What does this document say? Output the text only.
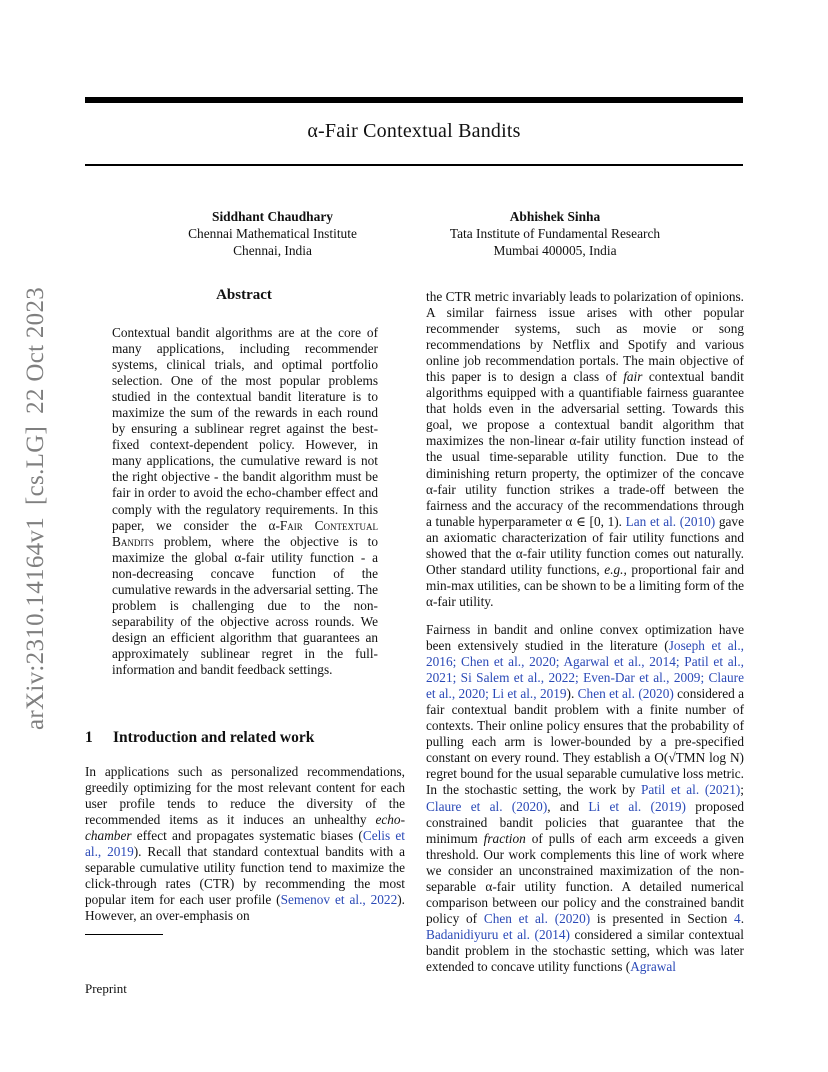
α-Fair Contextual Bandits
Siddhant Chaudhary
Chennai Mathematical Institute
Chennai, India
Abhishek Sinha
Tata Institute of Fundamental Research
Mumbai 400005, India
arXiv:2310.14164v1[cs.LG]22 Oct 2023	Abstract
Contextual bandit algorithms are at the core of many applications, including recommender systems, clinical trials, and optimal portfolio selection. One of the most popular problems studied in the contextual bandit literature is to maximize the sum of the rewards in each round by ensuring a sublinear regret against the best-fixed context-dependent policy. However, in many applications, the cumulative reward is not the right objective - the bandit algorithm must be fair in order to avoid the echo-chamber effect and comply with the regulatory requirements. In this paper, we consider the α-Fair Contextual Bandits problem, where the objective is to maximize the global α-fair utility function - a non-decreasing concave function of the cumulative rewards in the adversarial setting. The problem is challenging due to the non-separability of the objective across rounds. We design an efficient algorithm that guarantees an approximately sublinear regret in the full-information and bandit feedback settings.
1 Introduction and related work
In applications such as personalized recommendations, greedily optimizing for the most relevant content for each user profile tends to reduce the diversity of the recommended items as it induces an unhealthy echo-chamber effect and propagates systematic biases (Celis et al., 2019). Recall that standard contextual bandits with a separable cumulative utility function tend to maximize the click-through rates (CTR) by recommending the most popular item for each user profile (Semenov et al., 2022). However, an over-emphasis on
Preprint
the CTR metric invariably leads to polarization of opinions. A similar fairness issue arises with other popular recommender systems, such as movie or song recommendations by Netflix and Spotify and various online job recommendation portals. The main objective of this paper is to design a class of fair contextual bandit algorithms equipped with a quantifiable fairness guarantee that holds even in the adversarial setting. Towards this goal, we propose a contextual bandit algorithm that maximizes the non-linear α-fair utility function instead of the usual time-separable utility function. Due to the diminishing return property, the optimizer of the concave α-fair utility function strikes a trade-off between the fairness and the accuracy of the recommendations through a tunable hyperparameter α ∈ [0, 1). Lan et al. (2010) gave an axiomatic characterization of fair utility functions and showed that the α-fair utility function comes out naturally. Other standard utility functions, e.g., proportional fair and min-max utilities, can be shown to be a limiting form of the α-fair utility.
Fairness in bandit and online convex optimization have been extensively studied in the literature (Joseph et al., 2016; Chen et al., 2020; Agarwal et al., 2014; Patil et al., 2021; Si Salem et al., 2022; Even-Dar et al., 2009; Claure et al., 2020; Li et al., 2019). Chen et al. (2020) considered a fair contextual bandit problem with a finite number of contexts. Their online policy ensures that the probability of pulling each arm is lower-bounded by a pre-specified constant on every round. They establish a O(√TMN log N) regret bound for the usual separable cumulative loss metric. In the stochastic setting, the work by Patil et al. (2021); Claure et al. (2020), and Li et al. (2019) proposed constrained bandit policies that guarantee that the minimum fraction of pulls of each arm exceeds a given threshold. Our work complements this line of work where we consider an unconstrained maximization of the non-separable α-fair utility function. A detailed numerical comparison between our policy and the constrained bandit policy of Chen et al. (2020) is presented in Section 4. Badanidiyuru et al. (2014) considered a similar contextual bandit problem in the stochastic setting, which was later extended to concave utility functions (Agrawal
